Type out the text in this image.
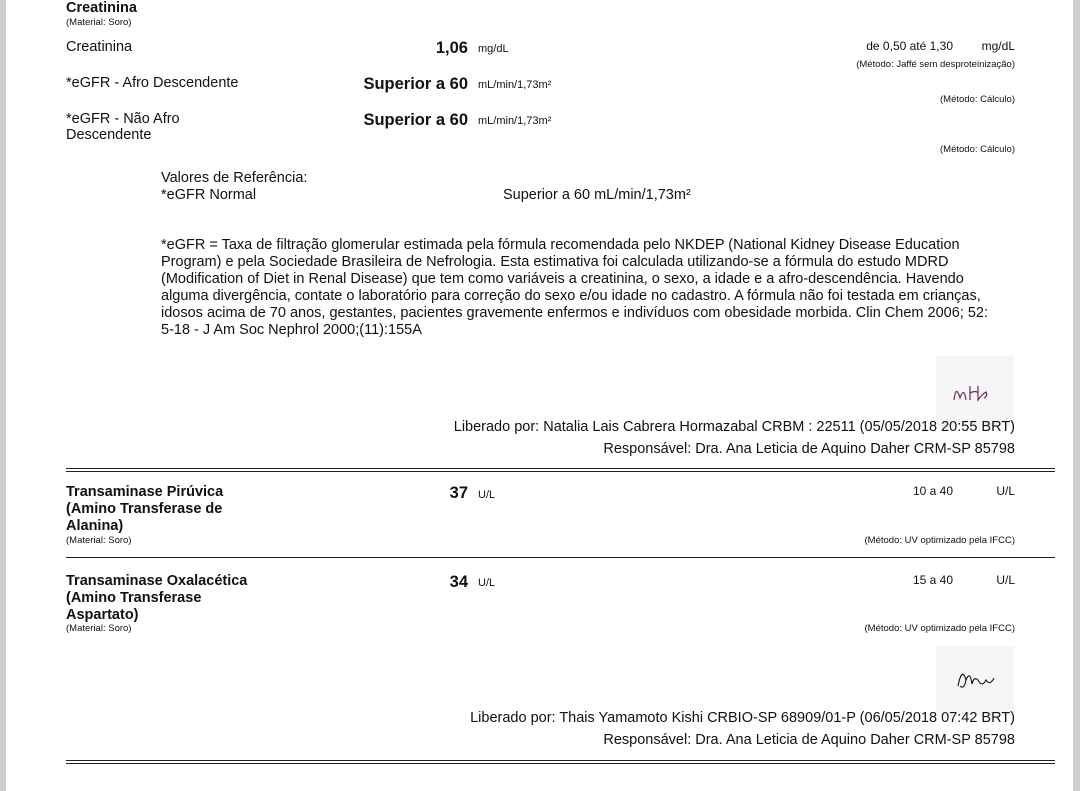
Creatinina
(Material: Soro)
Creatinina	1,06 mg/dL	de 0,50 até 1,30	mg/dL
(Método: Jaffé sem desproteinização)
*eGFR - Afro Descendente	Superior a 60 mL/min/1,73m²
(Método: Cálculo)
*eGFR - Não Afro
Descendente
Superior a 60 mL/min/1,73m²
(Método: Cálculo)
Valores de Referência:
*eGFR Normal	Superior a 60 mL/min/1,73m²
*eGFR = Taxa de filtração glomerular estimada pela fórmula recomendada pelo NKDEP (National Kidney Disease Education
Program) e pela Sociedade Brasileira de Nefrologia. Esta estimativa foi calculada utilizando-se a fórmula do estudo MDRD
(Modification of Diet in Renal Disease) que tem como variáveis a creatinina, o sexo, a idade e a afro-descendência. Havendo
alguma divergência, contate o laboratório para correção do sexo e/ou idade no cadastro. A fórmula não foi testada em crianças,
idosos acima de 70 anos, gestantes, pacientes gravemente enfermos e indivíduos com obesidade morbida. Clin Chem 2006; 52:
5-18 - J Am Soc Nephrol 2000;(11):155A
Liberado por: Natalia Lais Cabrera Hormazabal CRBM : 22511 (05/05/2018 20:55 BRT)
Responsável: Dra. Ana Leticia de Aquino Daher CRM-SP 85798
Transaminase Pirúvica
(Amino Transferase de
Alanina)
(Material: Soro)
37 U/L	10 a 40	U/L
(Método: UV optimizado pela IFCC)
Transaminase Oxalacética
(Amino Transferase
Aspartato)
(Material: Soro)
34 U/L	15 a 40	U/L
(Método: UV optimizado pela IFCC)
Liberado por: Thais Yamamoto Kishi CRBIO-SP 68909/01-P (06/05/2018 07:42 BRT)
Responsável: Dra. Ana Leticia de Aquino Daher CRM-SP 85798
